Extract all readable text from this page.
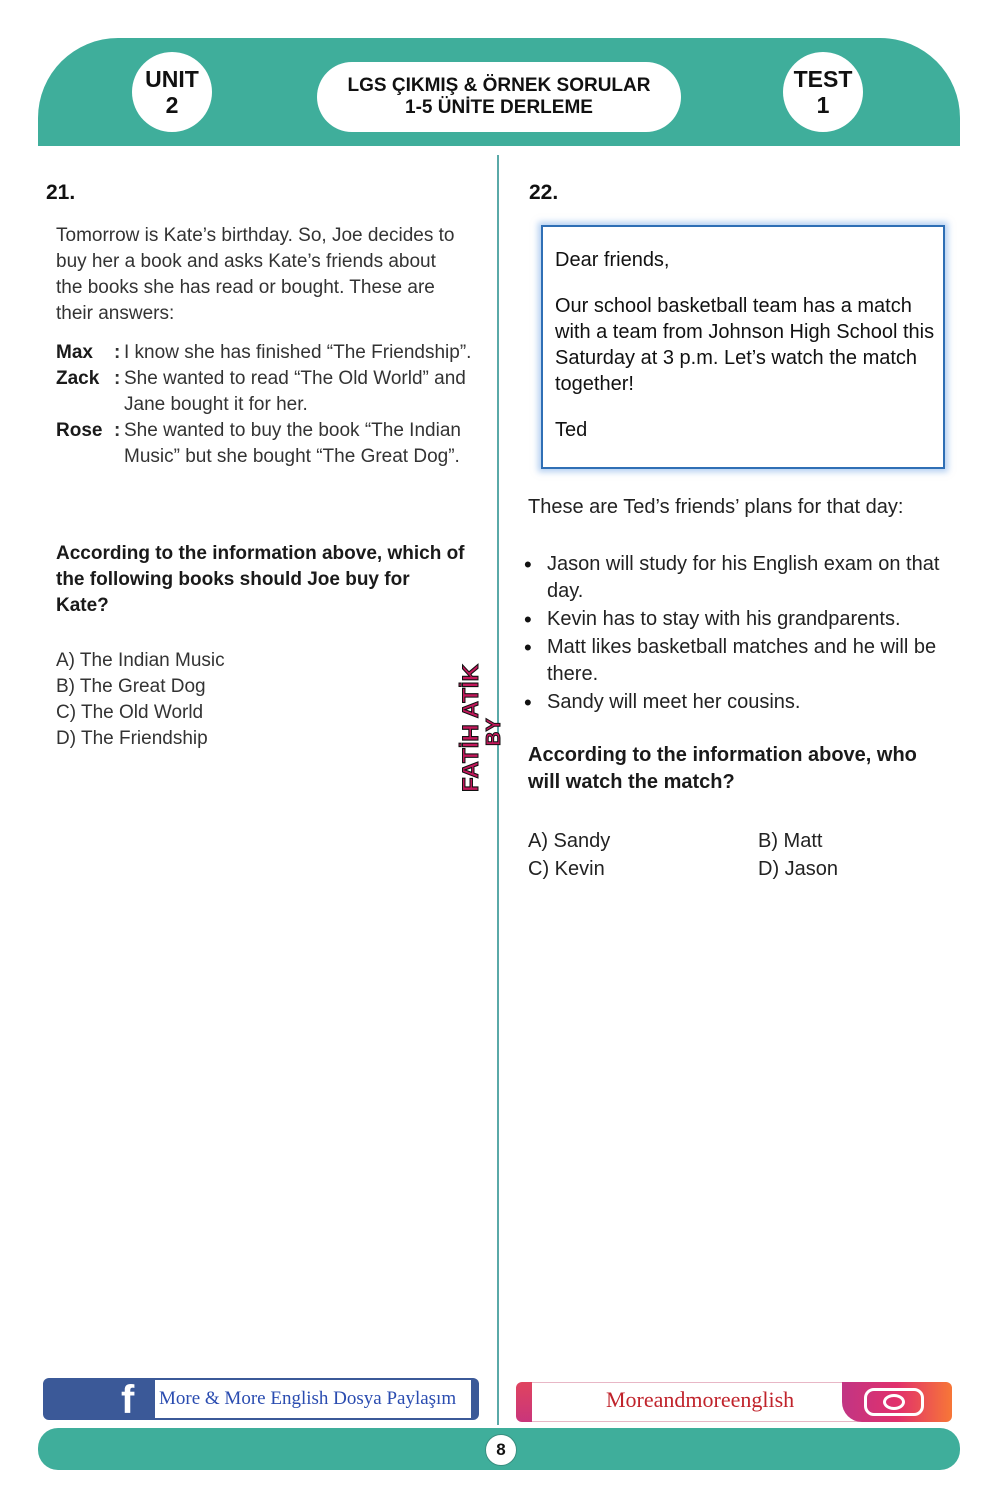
UNIT
2
LGS ÇIKMIŞ & ÖRNEK SORULAR
1-5 ÜNİTE DERLEME
TEST
1
21.
Tomorrow is Kate’s birthday. So, Joe decides to buy her a book and asks Kate’s friends about the books she has read or bought. These are their answers:
Max	: I know she has finished “The Friendship”.
Zack : She wanted to read “The Old World” and Jane bought it for her.
Rose : She wanted to buy the book “The Indian Music” but she bought “The Great Dog”.
According to the information above, which of the following books should Joe buy for Kate?
A) The Indian Music
B) The Great Dog
C) The Old World
D) The Friendship	FATİH ATİK BY
22.

Dear friends,

Our school basketball team has a match with a team from Johnson High School this Saturday at 3 p.m. Let’s watch the match together!

Ted

These are Ted’s friends’ plans for that day:
• Jason will study for his English exam on that day.
• Kevin has to stay with his grandparents.
• Matt likes basketball matches and he will be there.
• Sandy will meet her cousins.
According to the information above, who will watch the match?
A) Sandy	B) Matt
C) Kevin	D) Jason
f More & More English Dosya Paylaşım	Moreandmoreenglish
8
